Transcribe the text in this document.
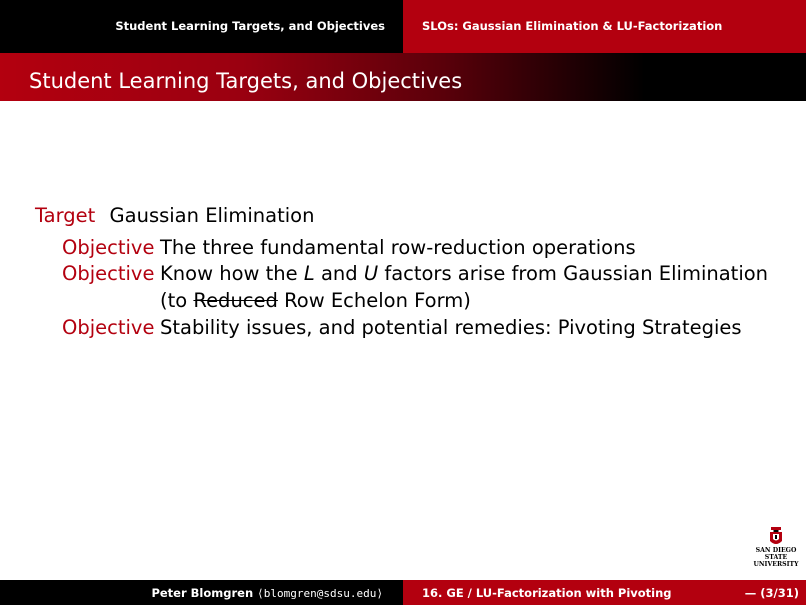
Student Learning Targets, and Objectives	SLOs: Gaussian Elimination & LU-Factorization
Student Learning Targets, and Objectives
Target Gaussian Elimination
Objective The three fundamental row-reduction operations
Objective Know how the L and U factors arise from Gaussian Elimination
(to Reduced Row Echelon Form)
Objective Stability issues, and potential remedies: Pivoting Strategies
SAN DIEGO STATE
UNIVERSITY
Peter Blomgren ⟨blomgren@sdsu.edu⟩	16. GE / LU-Factorization with Pivoting	— (3/31)
